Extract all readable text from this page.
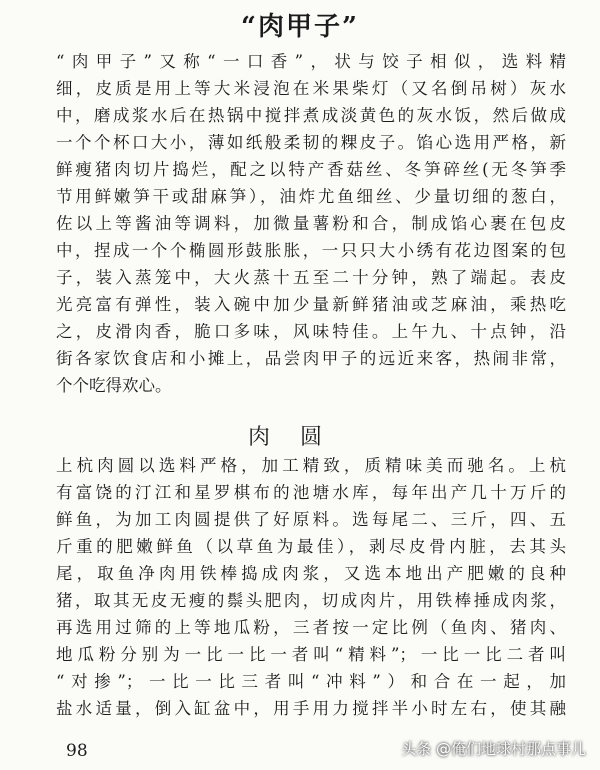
“肉甲子”
“肉甲子”又称“一口香”，状与饺子相似，选料精
细，皮质是用上等大米浸泡在米果柴灯（又名倒吊树）灰水
中，磨成浆水后在热锅中搅拌煮成淡黄色的灰水饭，然后做成
一个个杯口大小，薄如纸般柔韧的粿皮子。馅心选用严格，新
鲜瘦猪肉切片捣烂，配之以特产香菇丝、冬笋碎丝(无冬笋季
节用鲜嫩笋干或甜麻笋），油炸尤鱼细丝、少量切细的葱白，
佐以上等酱油等调料，加微量薯粉和合，制成馅心裹在包皮
中，捏成一个个椭圆形鼓胀胀，一只只大小绣有花边图案的包
子，装入蒸笼中，大火蒸十五至二十分钟，熟了端起。表皮
光亮富有弹性，装入碗中加少量新鲜猪油或芝麻油，乘热吃
之，皮滑肉香，脆口多味，风味特佳。上午九、十点钟，沿
街各家饮食店和小摊上，品尝肉甲子的远近来客，热闹非常，
个个吃得欢心。
肉圆
上杭肉圆以选料严格，加工精致，质精味美而驰名。上杭
有富饶的汀江和星罗棋布的池塘水库，每年出产几十万斤的
鲜鱼，为加工肉圆提供了好原料。选每尾二、三斤，四、五
斤重的肥嫩鲜鱼（以草鱼为最佳），剥尽皮骨内脏，去其头
尾，取鱼净肉用铁棒捣成肉浆，又选本地出产肥嫩的良种
猪，取其无皮无瘦的鬃头肥肉，切成肉片，用铁棒捶成肉浆，
再选用过筛的上等地瓜粉，三者按一定比例（鱼肉、猪肉、
地瓜粉分别为一比一比一者叫“精料”；一比一比二者叫
“对掺”；一比一比三者叫“冲料”）和合在一起，加
盐水适量，倒入缸盆中，用手用力搅拌半小时左右，使其融
98	头条 @俺们地球村那点事儿
